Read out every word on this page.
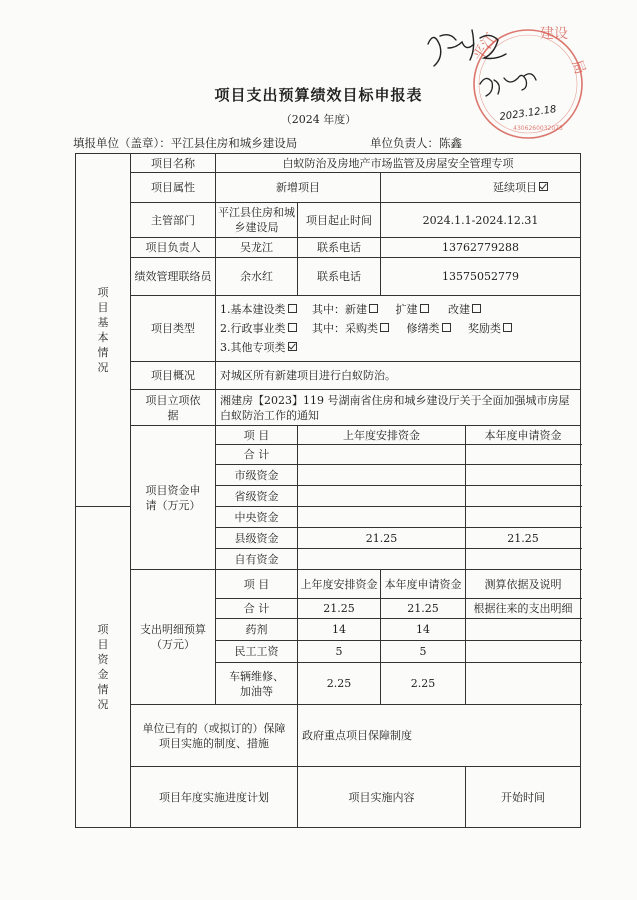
平江	建设
局
4306260032073
2023.12.18
项目支出预算绩效目标申报表
（2024 年度）
填报单位（盖章）：平江县住房和城乡建设局	单位负责人：陈鑫
项目基本情况	项目名称	白蚁防治及房地产市场监管及房屋安全管理专项				
	项目属性	新增项目		延续项目		
	主管部门	平江县住房和城乡建设局	项目起止时间	2024.1.1-2024.12.31		
	项目负责人	吴龙江	联系电话	13762779288		
	绩效管理联络员	余水红	联系电话	13575052779		
	项目类型	1.基本建设类 其中：新建 扩建 改建
2.行政事业类 其中：采购类 修缮类 奖励类
3.其他专项类				

	项目概况	对城区所有新建项目进行白蚁防治。				
	项目立项依据	湘建房【2023】119 号湖南省住房和城乡建设厅关于全面加强城市房屋白蚁防治工作的通知				
	项目资金申请（万元）	项 目	上年度安排资金		本年度申请资金	
		合 计				
		市级资金				
		省级资金				
项目资金情况		中央资金				
		县级资金	21.25		21.25	
		自有资金				
	支出明细预算（万元）	项 目	上年度安排资金	本年度申请资金	测算依据及说明	
		合 计	21.25	21.25	根据往来的支出明细	
		药剂	14	14		
		民工工资	5	5		
		车辆维修、加油等	2.25	2.25		
	单位已有的（或拟订的）保障项目实施的制度、措施		政府重点项目保障制度			
	项目年度实施进度计划		项目实施内容		开始时间	
